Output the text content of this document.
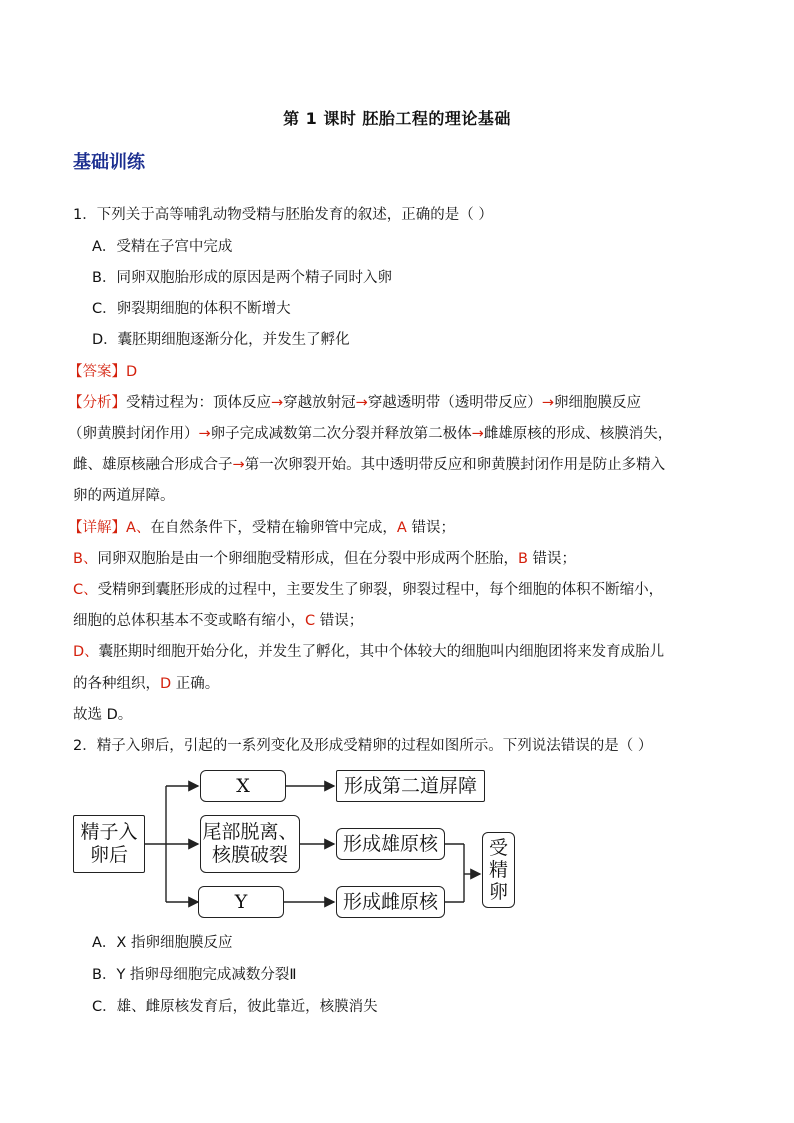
第 1 课时 胚胎工程的理论基础
基础训练
1．下列关于高等哺乳动物受精与胚胎发育的叙述，正确的是（ ）
A．受精在子宫中完成
B．同卵双胞胎形成的原因是两个精子同时入卵
C．卵裂期细胞的体积不断增大
D．囊胚期细胞逐渐分化，并发生了孵化
【答案】D
【分析】受精过程为：顶体反应→穿越放射冠→穿越透明带（透明带反应）→卵细胞膜反应
（卵黄膜封闭作用）→卵子完成减数第二次分裂并释放第二极体→雌雄原核的形成、核膜消失，
雌、雄原核融合形成合子→第一次卵裂开始。其中透明带反应和卵黄膜封闭作用是防止多精入
卵的两道屏障。
【详解】A、在自然条件下，受精在输卵管中完成，A 错误；
B、同卵双胞胎是由一个卵细胞受精形成，但在分裂中形成两个胚胎，B 错误；
C、受精卵到囊胚形成的过程中，主要发生了卵裂，卵裂过程中，每个细胞的体积不断缩小，
细胞的总体积基本不变或略有缩小，C 错误；
D、囊胚期时细胞开始分化，并发生了孵化，其中个体较大的细胞叫内细胞团将来发育成胎儿
的各种组织，D 正确。
故选 D。
2．精子入卵后，引起的一系列变化及形成受精卵的过程如图所示。下列说法错误的是（ ）
精子入
卵后
X
尾部脱离、
核膜破裂
Y
形成第二道屏障
形成雄原核
形成雌原核
受
精
卵
A．X 指卵细胞膜反应
B．Y 指卵母细胞完成减数分裂Ⅱ
C．雄、雌原核发育后，彼此靠近，核膜消失
